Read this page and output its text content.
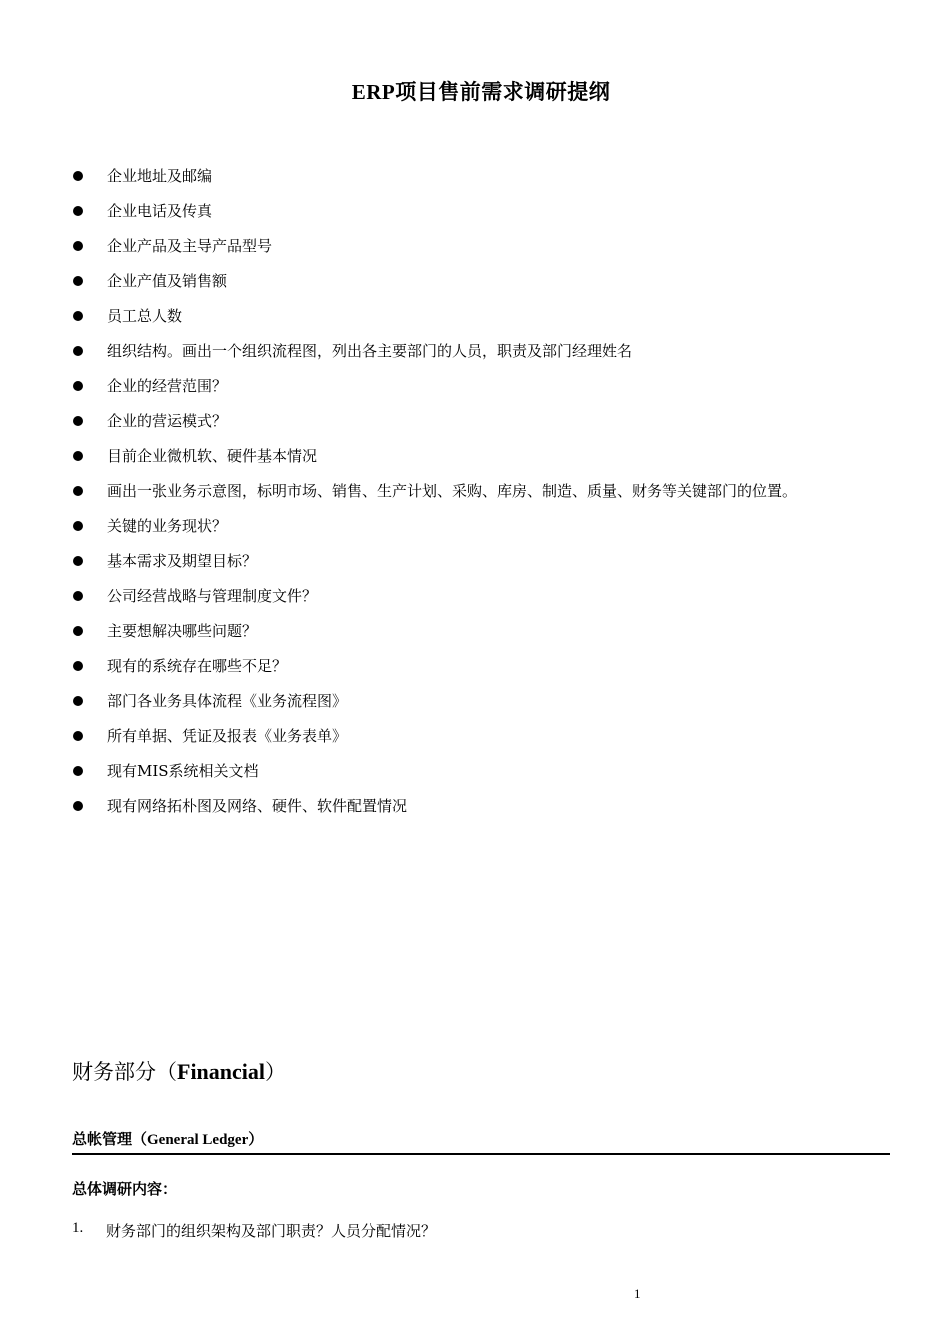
ERP项目售前需求调研提纲
企业地址及邮编
企业电话及传真
企业产品及主导产品型号
企业产值及销售额
员工总人数
组织结构。画出一个组织流程图，列出各主要部门的人员，职责及部门经理姓名
企业的经营范围？
企业的营运模式？
目前企业微机软、硬件基本情况
画出一张业务示意图，标明市场、销售、生产计划、采购、库房、制造、质量、财务等关键部门的位置。
关键的业务现状？
基本需求及期望目标？
公司经营战略与管理制度文件？
主要想解决哪些问题？
现有的系统存在哪些不足？
部门各业务具体流程《业务流程图》
所有单据、凭证及报表《业务表单》
现有MIS系统相关文档
现有网络拓朴图及网络、硬件、软件配置情况
财务部分（Financial）
总帐管理（General Ledger）
总体调研内容：
1.	财务部门的组织架构及部门职责？人员分配情况？
1
